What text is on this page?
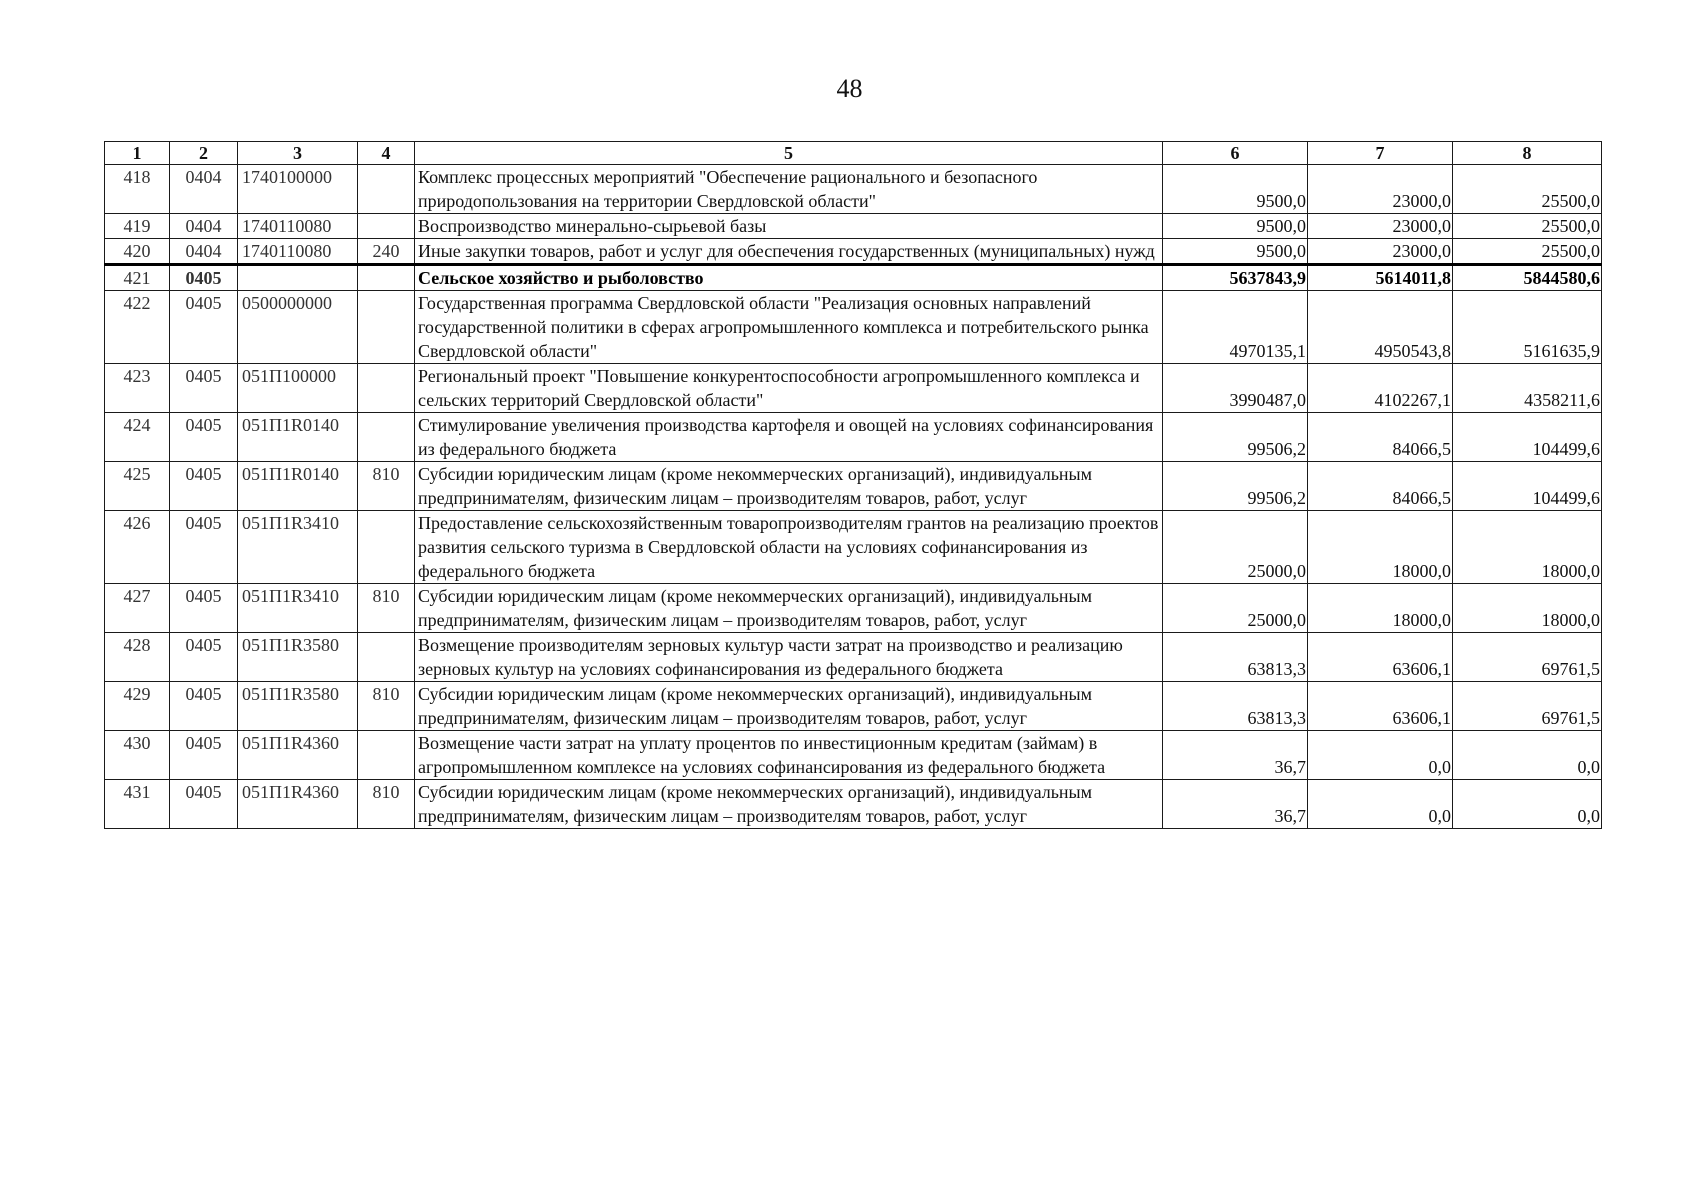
48
1	2	3	4	5	6	7	8
418	0404	1740100000		Комплекс процессных мероприятий "Обеспечение рационального и безопасного природопользования на территории Свердловской области"	9500,0	23000,0	25500,0
419	0404	1740110080		Воспроизводство минерально-сырьевой базы	9500,0	23000,0	25500,0
420	0404	1740110080	240	Иные закупки товаров, работ и услуг для обеспечения государственных (муниципальных) нужд	9500,0	23000,0	25500,0
421	0405			Сельское хозяйство и рыболовство	5637843,9	5614011,8	5844580,6
422	0405	0500000000		Государственная программа Свердловской области "Реализация основных направлений государственной политики в сферах агропромышленного комплекса и потребительского рынка Свердловской области"	4970135,1	4950543,8	5161635,9
423	0405	051П100000		Региональный проект "Повышение конкурентоспособности агропромышленного комплекса и сельских территорий Свердловской области"	3990487,0	4102267,1	4358211,6
424	0405	051П1R0140		Стимулирование увеличения производства картофеля и овощей на условиях софинансирования из федерального бюджета	99506,2	84066,5	104499,6
425	0405	051П1R0140	810	Субсидии юридическим лицам (кроме некоммерческих организаций), индивидуальным предпринимателям, физическим лицам – производителям товаров, работ, услуг	99506,2	84066,5	104499,6
426	0405	051П1R3410		Предоставление сельскохозяйственным товаропроизводителям грантов на реализацию проектов развития сельского туризма в Свердловской области на условиях софинансирования из федерального бюджета	25000,0	18000,0	18000,0
427	0405	051П1R3410	810	Субсидии юридическим лицам (кроме некоммерческих организаций), индивидуальным предпринимателям, физическим лицам – производителям товаров, работ, услуг	25000,0	18000,0	18000,0
428	0405	051П1R3580		Возмещение производителям зерновых культур части затрат на производство и реализацию зерновых культур на условиях софинансирования из федерального бюджета	63813,3	63606,1	69761,5
429	0405	051П1R3580	810	Субсидии юридическим лицам (кроме некоммерческих организаций), индивидуальным предпринимателям, физическим лицам – производителям товаров, работ, услуг	63813,3	63606,1	69761,5
430	0405	051П1R4360		Возмещение части затрат на уплату процентов по инвестиционным кредитам (займам) в агропромышленном комплексе на условиях софинансирования из федерального бюджета	36,7	0,0	0,0
431	0405	051П1R4360	810	Субсидии юридическим лицам (кроме некоммерческих организаций), индивидуальным предпринимателям, физическим лицам – производителям товаров, работ, услуг	36,7	0,0	0,0
